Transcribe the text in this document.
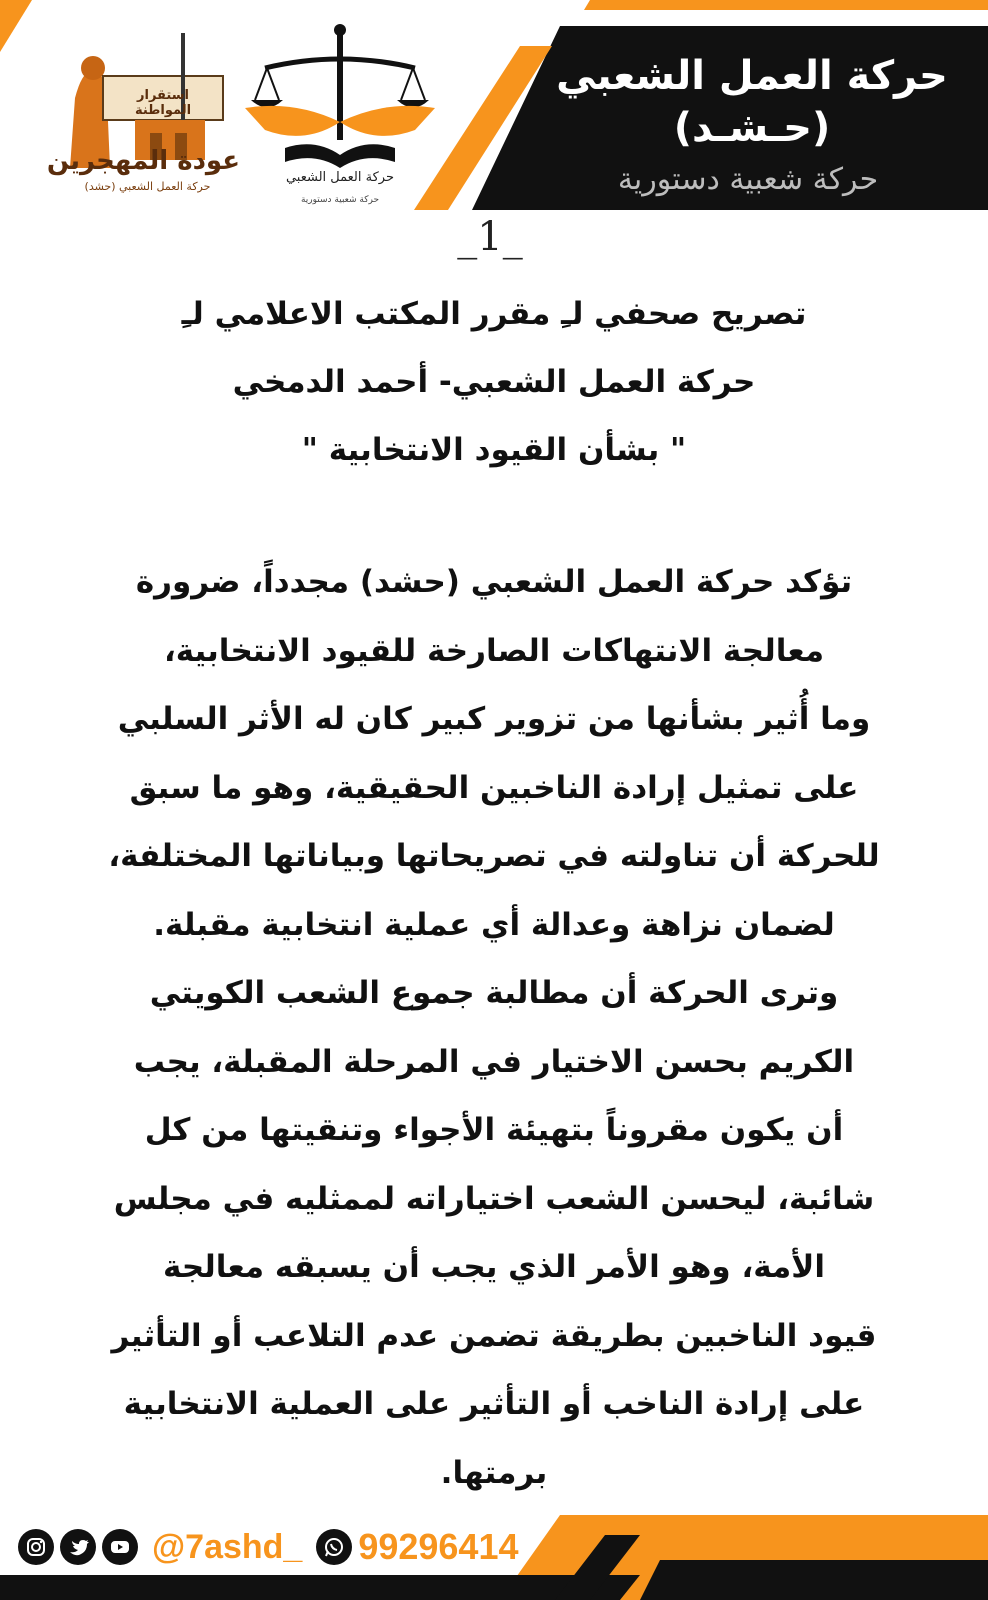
حركة العمل الشعبي
(حـشـد)
حركة شعبية دستورية
حركة العمل الشعبي
حركة شعبية دستورية
استقرار المواطنة
عودة المهجرين
حركة العمل الشعبي (حشد)
_1_
تصريح صحفي لـِ مقرر المكتب الاعلامي لـِ
حركة العمل الشعبي- أحمد الدمخي
" بشأن القيود الانتخابية "
تؤكد حركة العمل الشعبي (حشد) مجدداً، ضرورة
معالجة الانتهاكات الصارخة للقيود الانتخابية،
وما أُثير بشأنها من تزوير كبير كان له الأثر السلبي
على تمثيل إرادة الناخبين الحقيقية، وهو ما سبق
للحركة أن تناولته في تصريحاتها وبياناتها المختلفة،
لضمان نزاهة وعدالة أي عملية انتخابية مقبلة.
وترى الحركة أن مطالبة جموع الشعب الكويتي
الكريم بحسن الاختيار في المرحلة المقبلة، يجب
أن يكون مقروناً بتهيئة الأجواء وتنقيتها من كل
شائبة، ليحسن الشعب اختياراته لممثليه في مجلس
الأمة، وهو الأمر الذي يجب أن يسبقه معالجة
قيود الناخبين بطريقة تضمن عدم التلاعب أو التأثير
على إرادة الناخب أو التأثير على العملية الانتخابية
برمتها.
@7ashd_ 99296414
